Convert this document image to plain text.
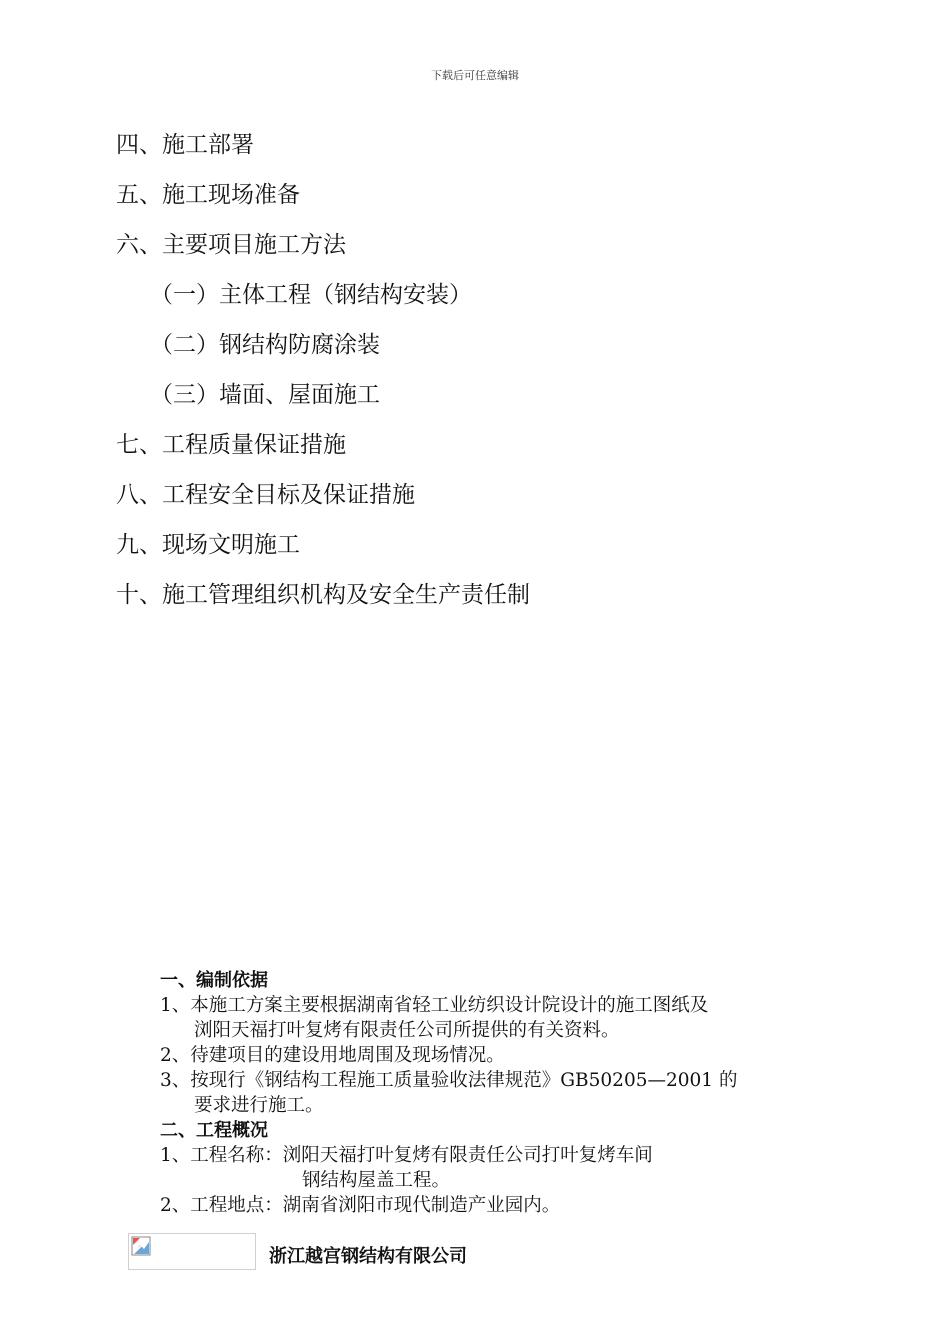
下载后可任意编辑
四、施工部署
五、施工现场准备
六、主要项目施工方法
（一）主体工程（钢结构安装）
（二）钢结构防腐涂装
（三）墙面、屋面施工
七、工程质量保证措施
八、工程安全目标及保证措施
九、现场文明施工
十、施工管理组织机构及安全生产责任制
一、编制依据
1、本施工方案主要根据湖南省轻工业纺织设计院设计的施工图纸及
浏阳天福打叶复烤有限责任公司所提供的有关资料。
2、待建项目的建设用地周围及现场情况。
3、按现行《钢结构工程施工质量验收法律规范》GB50205—2001 的
要求进行施工。
二、工程概况
1、工程名称：浏阳天福打叶复烤有限责任公司打叶复烤车间
钢结构屋盖工程。
2、工程地点：湖南省浏阳市现代制造产业园内。
浙江越宫钢结构有限公司
